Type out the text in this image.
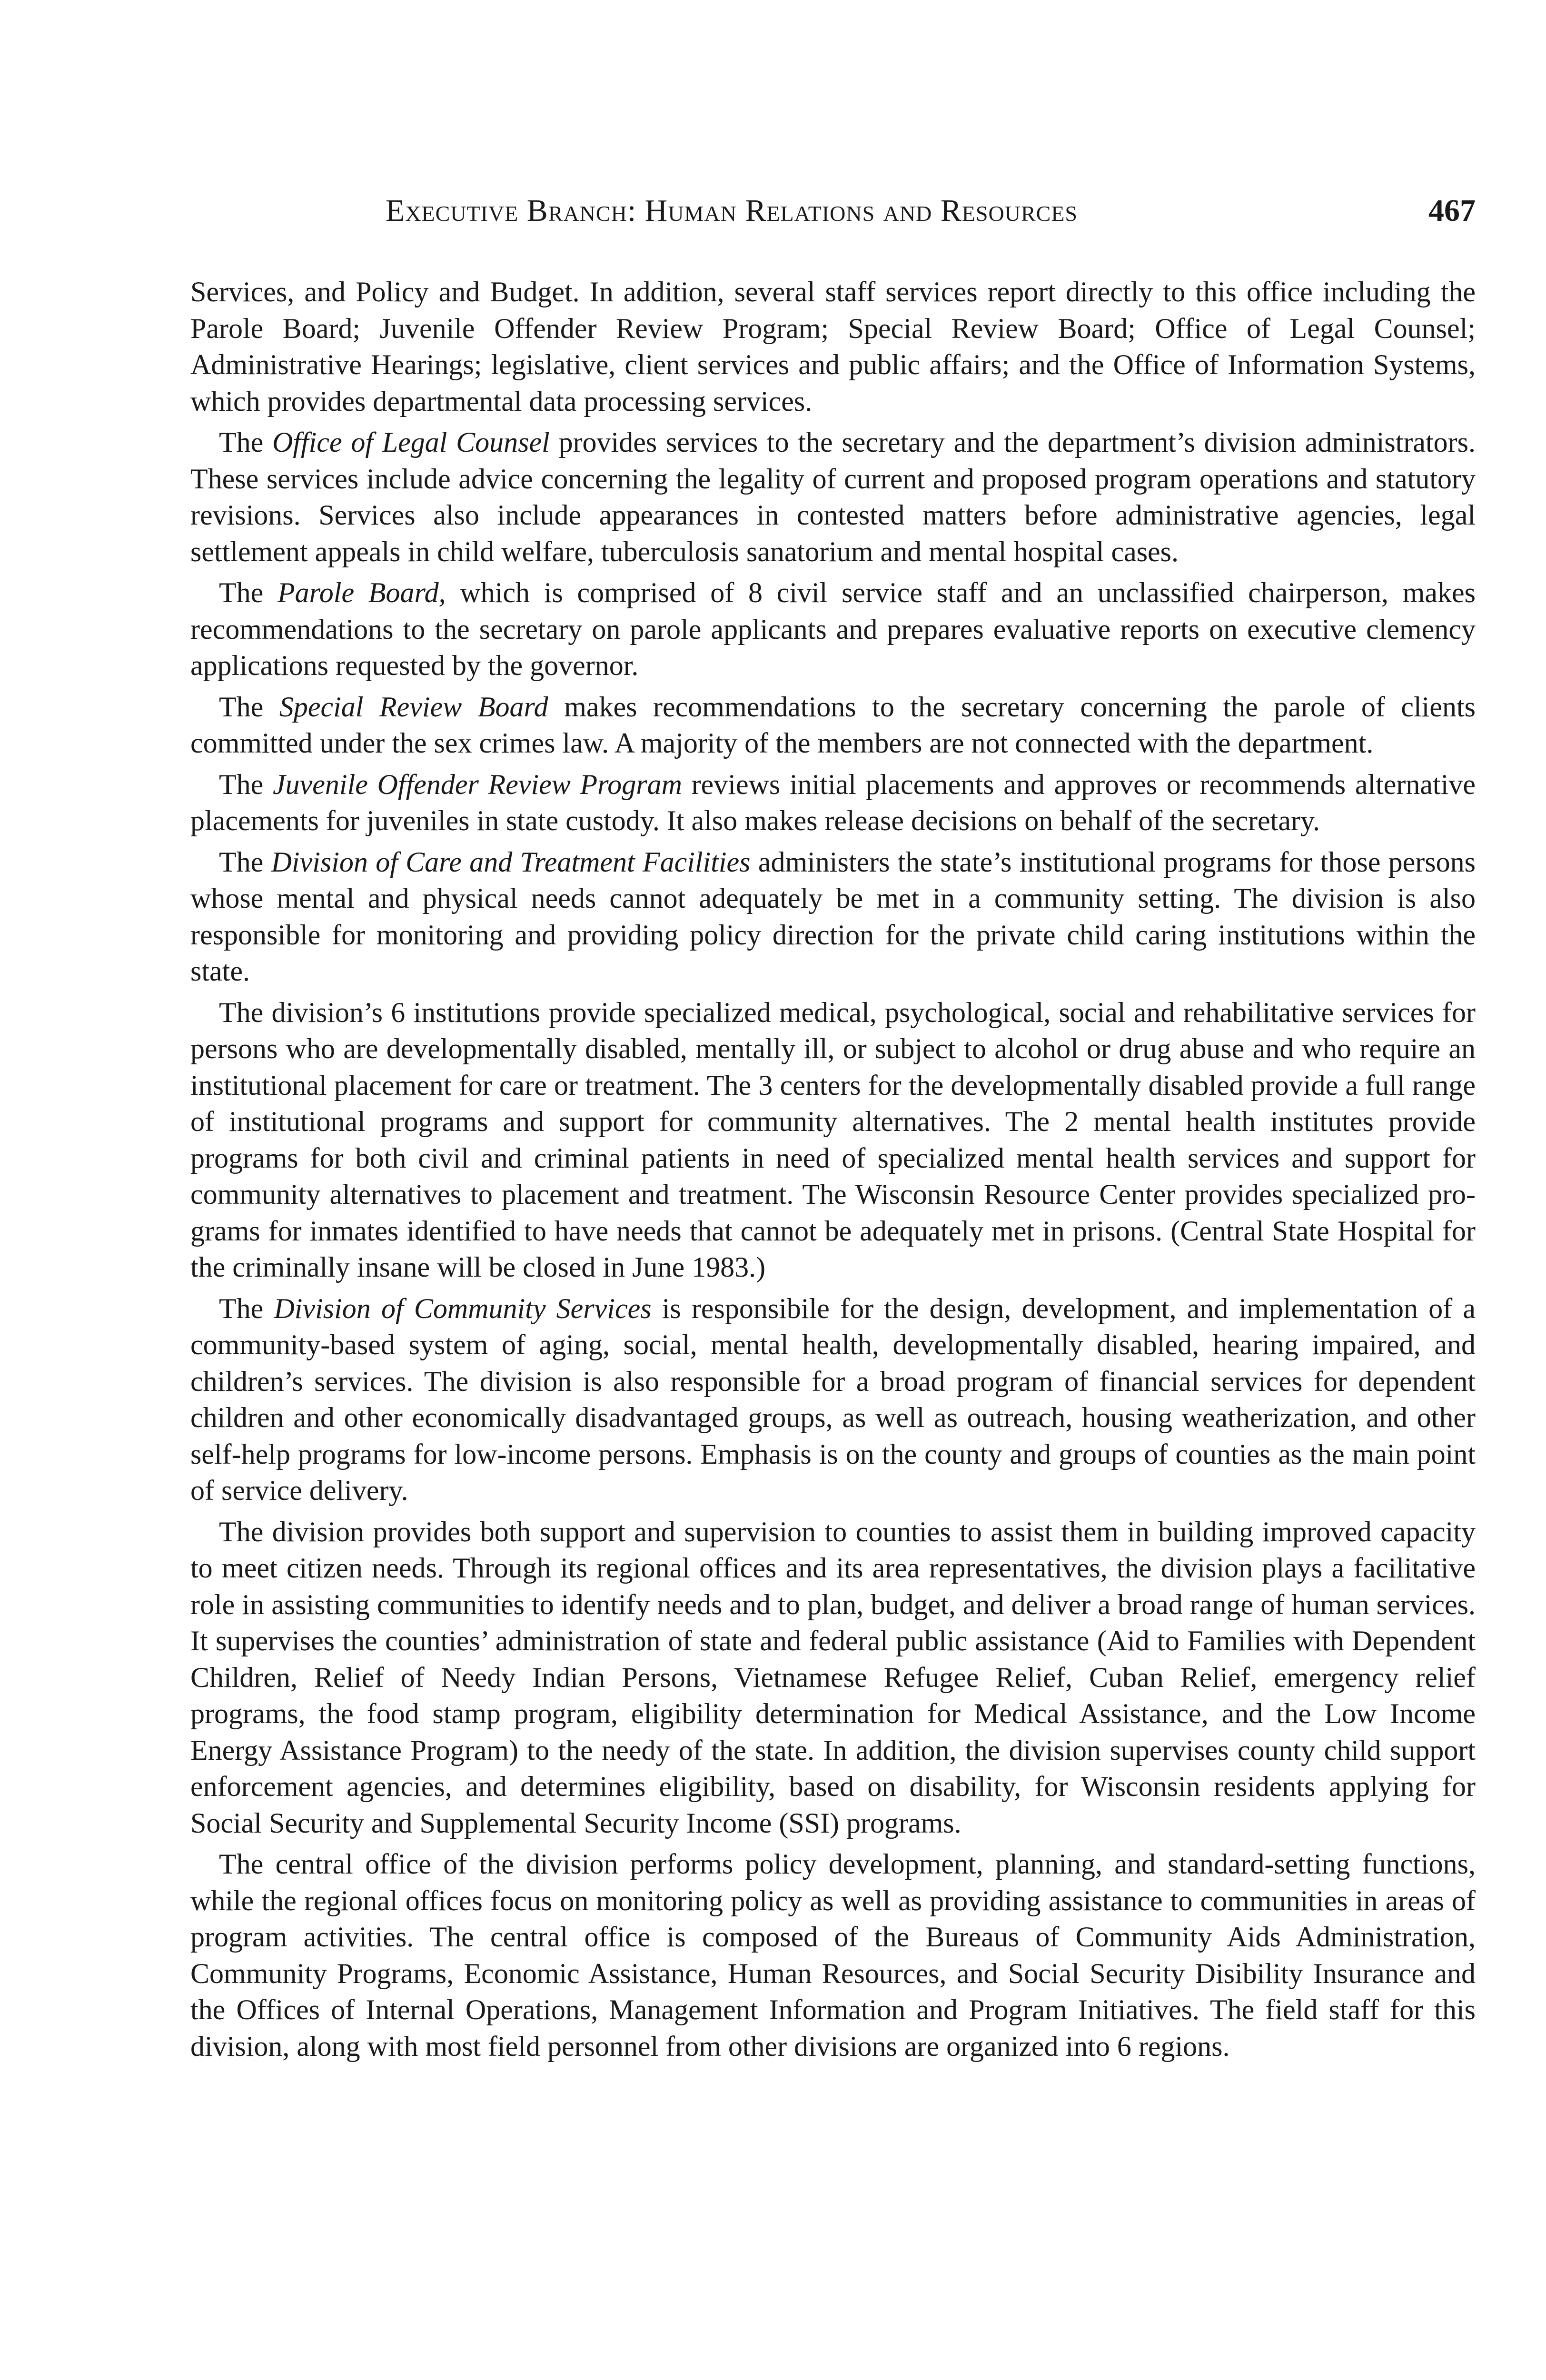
Executive Branch: Human Relations and Resources	467

Services, and Policy and Budget. In addition, several staff services report directly to this office including the Parole Board; Juvenile Offender Review Program; Special Review Board; Office of Legal Counsel; Administrative Hearings; legislative, client services and public affairs; and the Office of Information Systems, which provides departmental data processing services.

The Office of Legal Counsel provides services to the secretary and the department’s division administrators. These services include advice concerning the legality of current and proposed program operations and statutory revisions. Services also include appearances in contested matters before administrative agencies, legal settlement appeals in child welfare, tuberculosis sanatorium and mental hospital cases.

The Parole Board, which is comprised of 8 civil service staff and an unclassified chairperson, makes recommendations to the secretary on parole applicants and prepares evaluative reports on executive clemency applications requested by the governor.

The Special Review Board makes recommendations to the secretary concerning the parole of clients committed under the sex crimes law. A majority of the members are not connected with the department.

The Juvenile Offender Review Program reviews initial placements and approves or recommends alternative placements for juveniles in state custody. It also makes release decisions on behalf of the secretary.

The Division of Care and Treatment Facilities administers the state’s institutional programs for those persons whose mental and physical needs cannot adequately be met in a community setting. The division is also responsible for monitoring and providing policy direction for the private child caring institutions within the state.

The division’s 6 institutions provide specialized medical, psychological, social and rehabilitative services for persons who are developmentally disabled, mentally ill, or subject to alcohol or drug abuse and who require an institutional placement for care or treatment. The 3 centers for the developmentally disabled provide a full range of institutional programs and support for community alternatives. The 2 mental health institutes provide programs for both civil and criminal patients in need of specialized mental health services and support for community alternatives to placement and treatment. The Wisconsin Resource Center provides specialized programs for inmates identified to have needs that cannot be adequately met in prisons. (Central State Hospital for the criminally insane will be closed in June 1983.)

The Division of Community Services is responsibile for the design, development, and implementation of a community-based system of aging, social, mental health, developmentally disabled, hearing impaired, and children’s services. The division is also responsible for a broad program of financial services for dependent children and other economically disadvantaged groups, as well as outreach, housing weatherization, and other self-help programs for low-income persons. Emphasis is on the county and groups of counties as the main point of service delivery.

The division provides both support and supervision to counties to assist them in building improved capacity to meet citizen needs. Through its regional offices and its area representatives, the division plays a facilitative role in assisting communities to identify needs and to plan, budget, and deliver a broad range of human services. It supervises the counties’ administration of state and federal public assistance (Aid to Families with Dependent Children, Relief of Needy Indian Persons, Vietnamese Refugee Relief, Cuban Relief, emergency relief programs, the food stamp program, eligibility determination for Medical Assistance, and the Low Income Energy Assistance Program) to the needy of the state. In addition, the division supervises county child support enforcement agencies, and determines eligibility, based on disability, for Wisconsin residents applying for Social Security and Supplemental Security Income (SSI) programs.

The central office of the division performs policy development, planning, and standard-setting functions, while the regional offices focus on monitoring policy as well as providing assistance to communities in areas of program activities. The central office is composed of the Bureaus of Community Aids Administration, Community Programs, Economic Assistance, Human Resources, and Social Security Disibility Insurance and the Offices of Internal Operations, Management Information and Program Initiatives. The field staff for this division, along with most field personnel from other divisions are organized into 6 regions.
